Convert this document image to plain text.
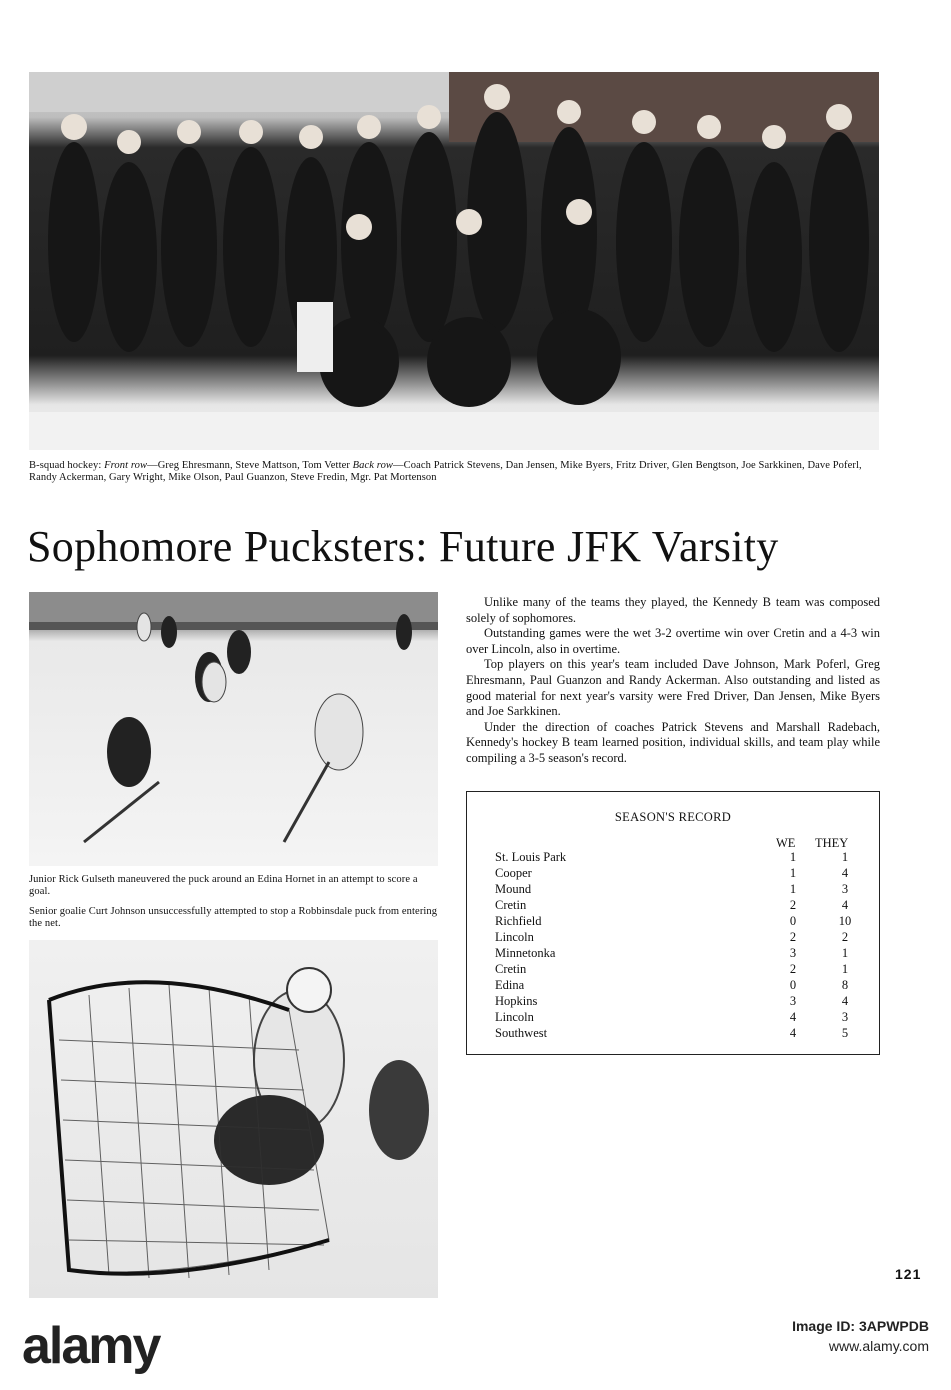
B-squad hockey: Front row—Greg Ehresmann, Steve Mattson, Tom Vetter Back row—Coach Patrick Stevens, Dan Jensen, Mike Byers, Fritz Driver, Glen Bengtson, Joe Sarkkinen, Dave Poferl, Randy Ackerman, Gary Wright, Mike Olson, Paul Guanzon, Steve Fredin, Mgr. Pat Mortenson
Sophomore Pucksters: Future JFK Varsity
Junior Rick Gulseth maneuvered the puck around an Edina Hornet in an attempt to score a goal.
Senior goalie Curt Johnson unsuccessfully attempted to stop a Robbinsdale puck from entering the net.

Unlike many of the teams they played, the Kennedy B team was composed solely of sophomores.

Outstanding games were the wet 3-2 overtime win over Cretin and a 4-3 win over Lincoln, also in overtime.

Top players on this year's team included Dave Johnson, Mark Poferl, Greg Ehresmann, Paul Guanzon and Randy Ackerman. Also outstanding and listed as good material for next year's varsity were Fred Driver, Dan Jensen, Mike Byers and Joe Sarkkinen.

Under the direction of coaches Patrick Stevens and Marshall Radebach, Kennedy's hockey B team learned position, individual skills, and team play while compiling a 3-5 season's record.

SEASON'S RECORD
WE THEY
St. Louis Park	1	1
Cooper	1	4
Mound	1	3
Cretin	2	4
Richfield	0	10
Lincoln	2	2
Minnetonka	3	1
Cretin	2	1
Edina	0	8
Hopkins	3	4
Lincoln	4	3
Southwest	4	5
121
alamy	Image ID: 3APWPDB
www.alamy.com
